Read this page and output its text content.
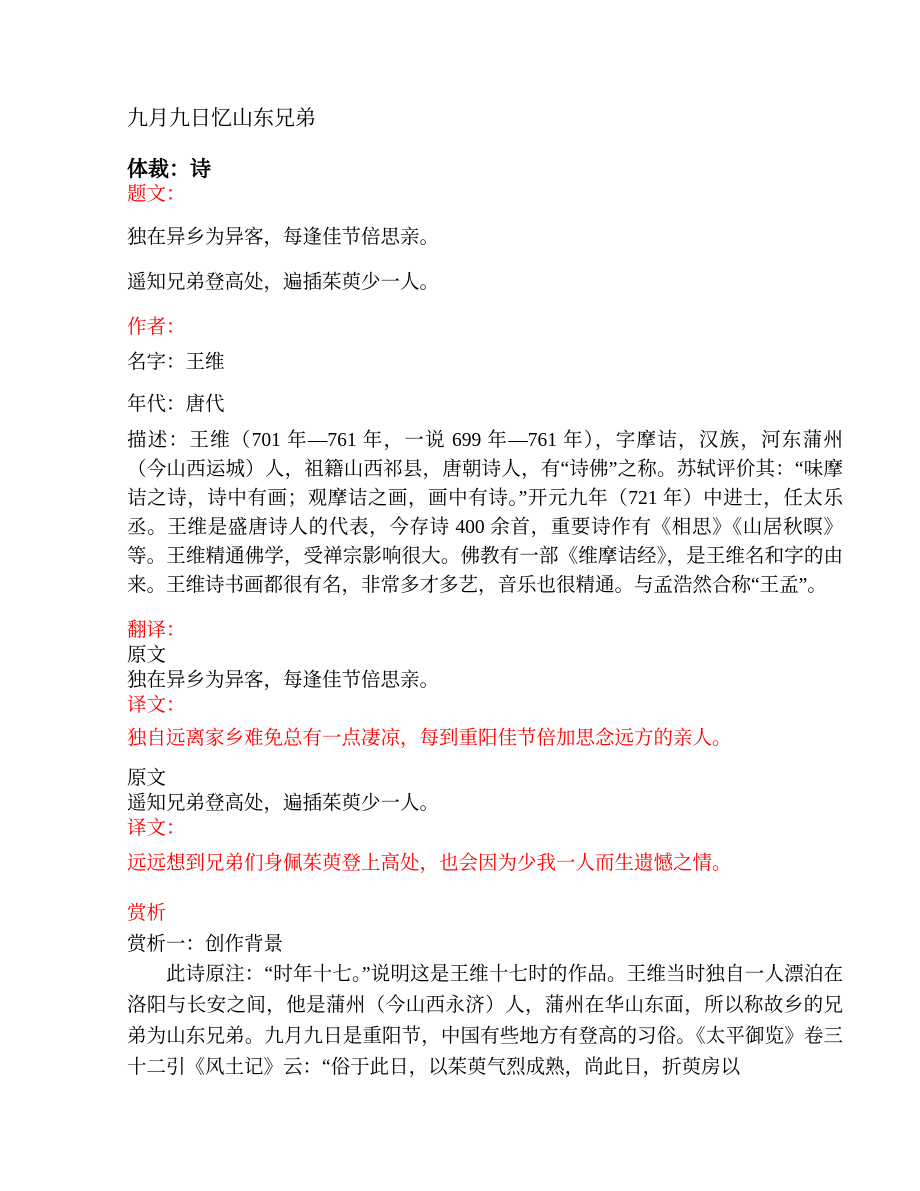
九月九日忆山东兄弟

体裁：诗

题文：

独在异乡为异客，每逢佳节倍思亲。

遥知兄弟登高处，遍插茱萸少一人。

作者：

名字：王维

年代：唐代

描述：王维（701 年—761 年，一说 699 年—761 年），字摩诘，汉族，河东蒲州（今山西运城）人，祖籍山西祁县，唐朝诗人，有“诗佛”之称。苏轼评价其：“味摩诘之诗，诗中有画；观摩诘之画，画中有诗。”开元九年（721 年）中进士，任太乐丞。王维是盛唐诗人的代表，今存诗 400 余首，重要诗作有《相思》《山居秋暝》等。王维精通佛学，受禅宗影响很大。佛教有一部《维摩诘经》，是王维名和字的由来。王维诗书画都很有名，非常多才多艺，音乐也很精通。与孟浩然合称“王孟”。

翻译：

原文

独在异乡为异客，每逢佳节倍思亲。

译文：

独自远离家乡难免总有一点凄凉，每到重阳佳节倍加思念远方的亲人。

原文

遥知兄弟登高处，遍插茱萸少一人。

译文：

远远想到兄弟们身佩茱萸登上高处，也会因为少我一人而生遗憾之情。

赏析

赏析一：创作背景

此诗原注：“时年十七。”说明这是王维十七时的作品。王维当时独自一人漂泊在洛阳与长安之间，他是蒲州（今山西永济）人，蒲州在华山东面，所以称故乡的兄弟为山东兄弟。九月九日是重阳节，中国有些地方有登高的习俗。《太平御览》卷三十二引《风土记》云：“俗于此日，以茱萸气烈成熟，尚此日，折萸房以
